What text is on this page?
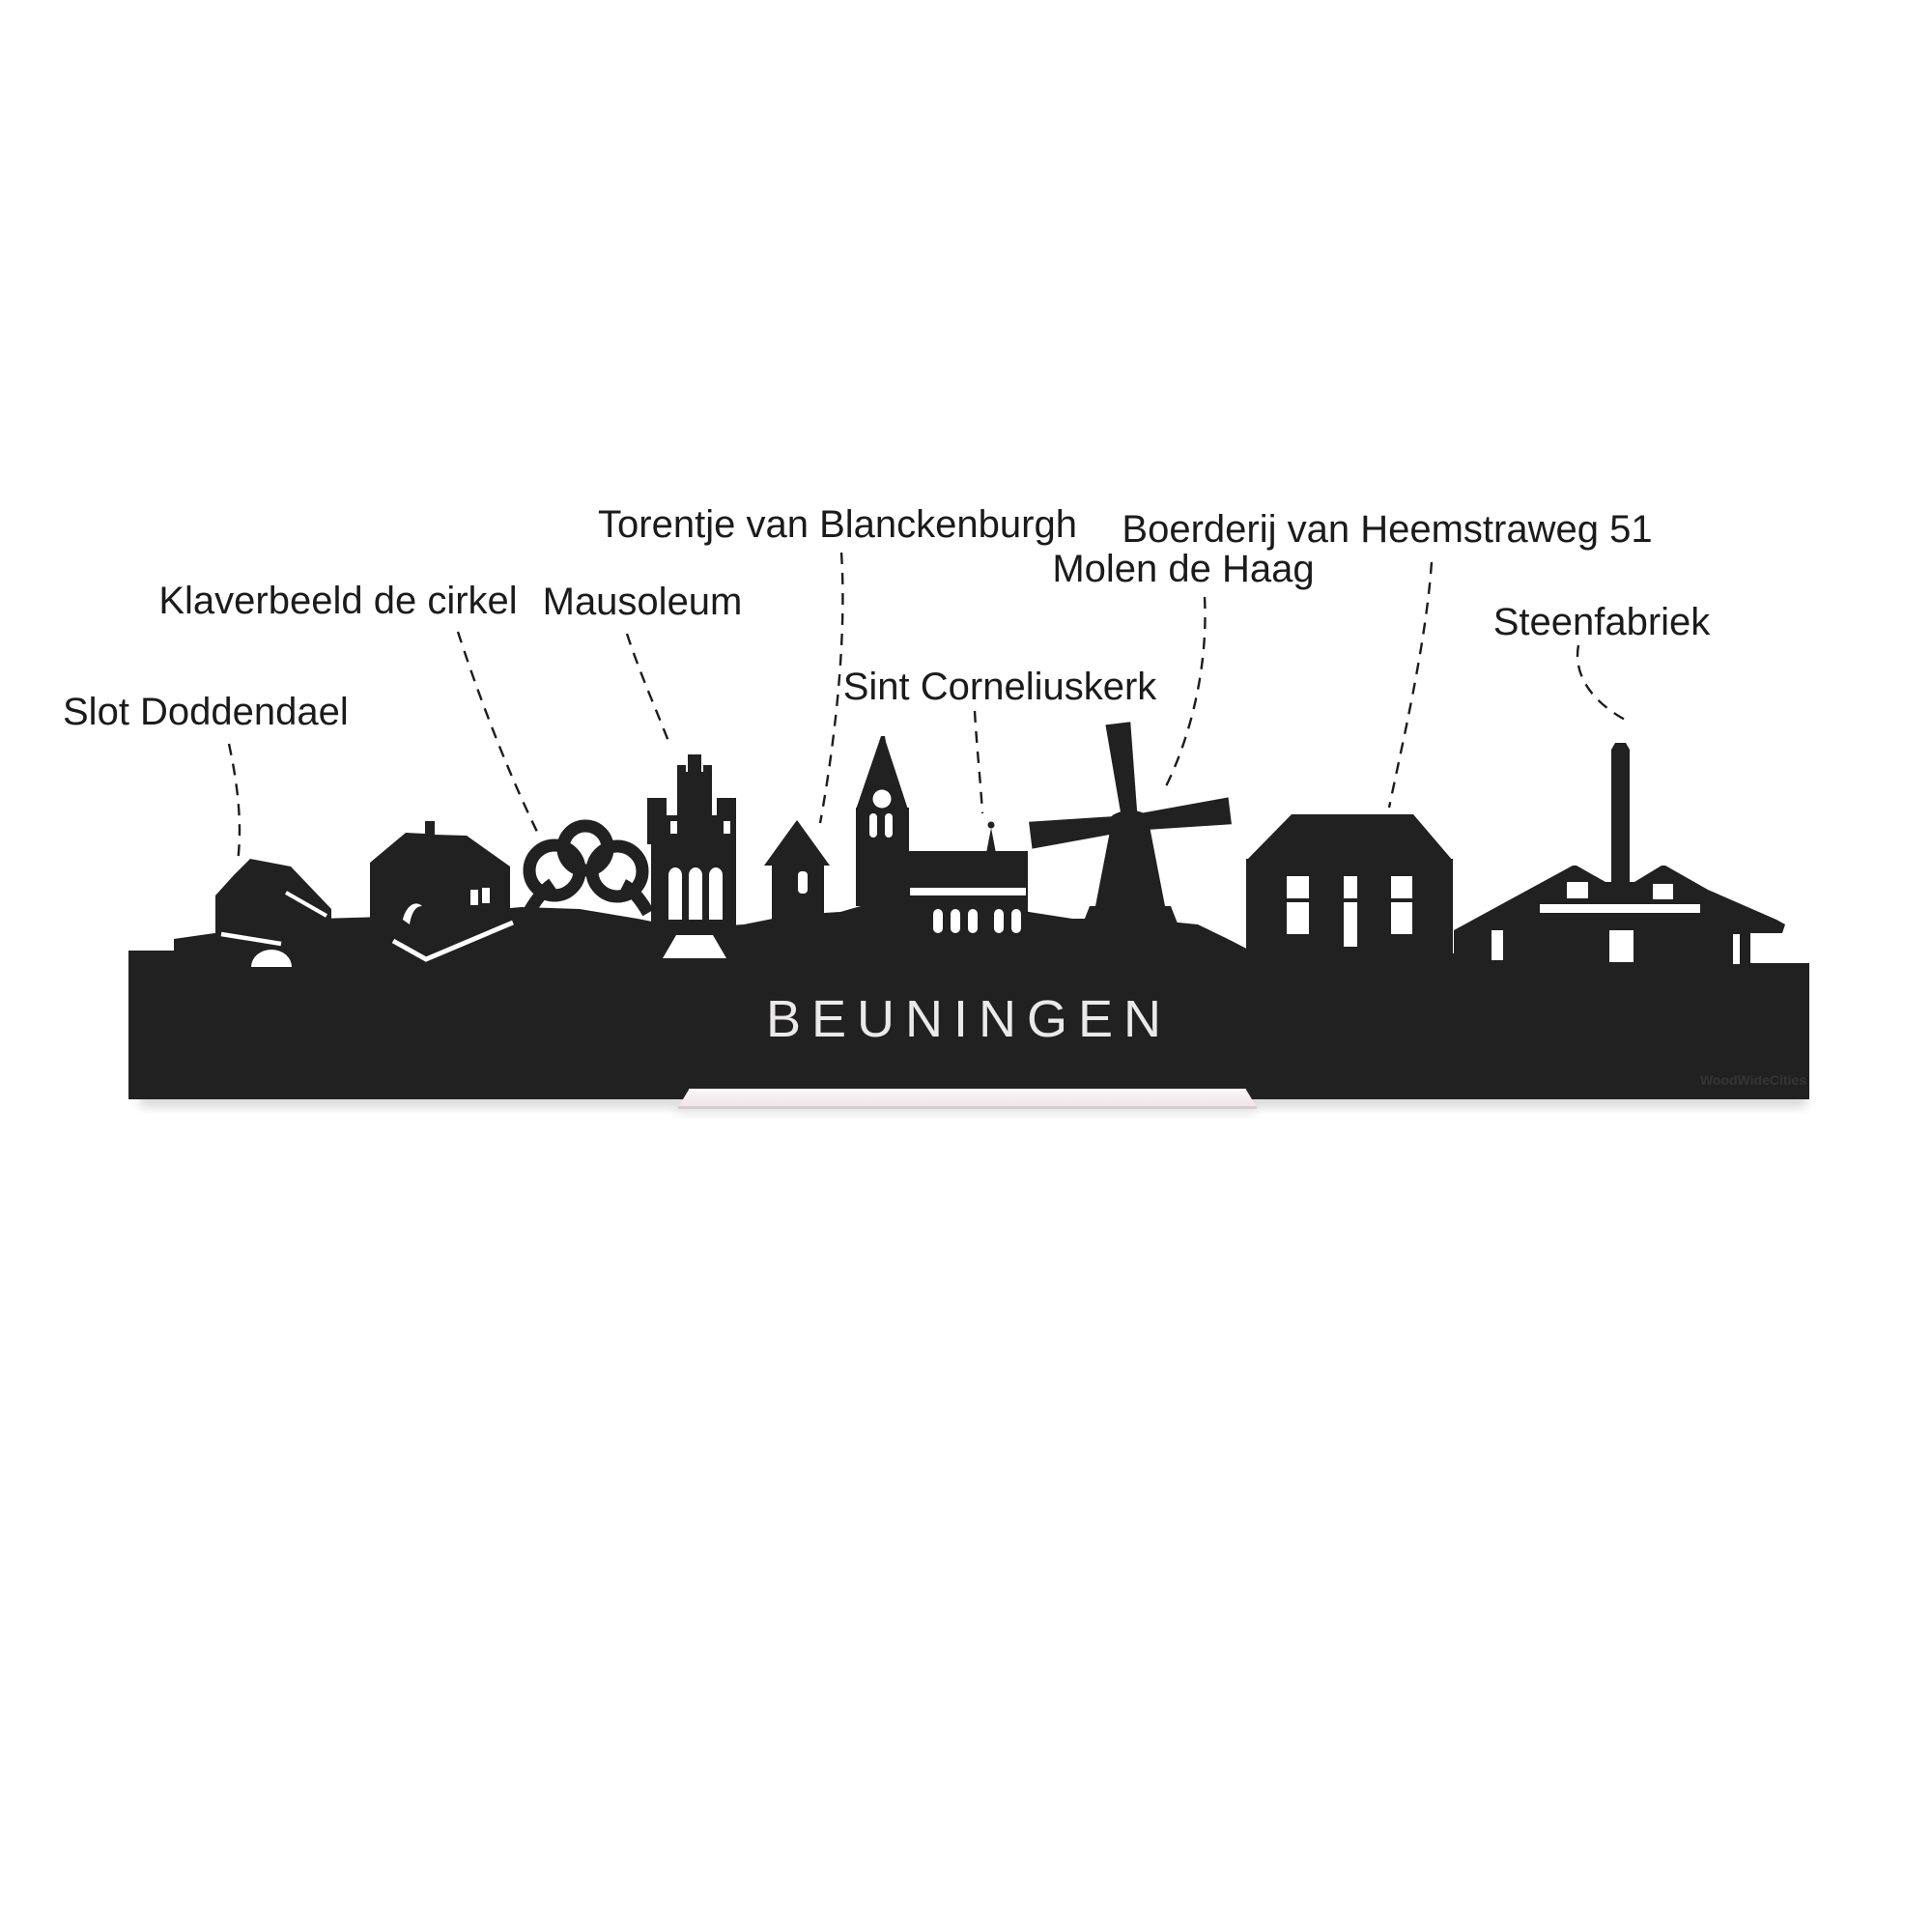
BEUNINGEN
WoodWideCities
Slot Doddendael
Klaverbeeld de cirkel Mausoleum
Torentje van Blanckenburgh
Sint Corneliuskerk
Molen de Haag
Boerderij van Heemstraweg 51
Steenfabriek
